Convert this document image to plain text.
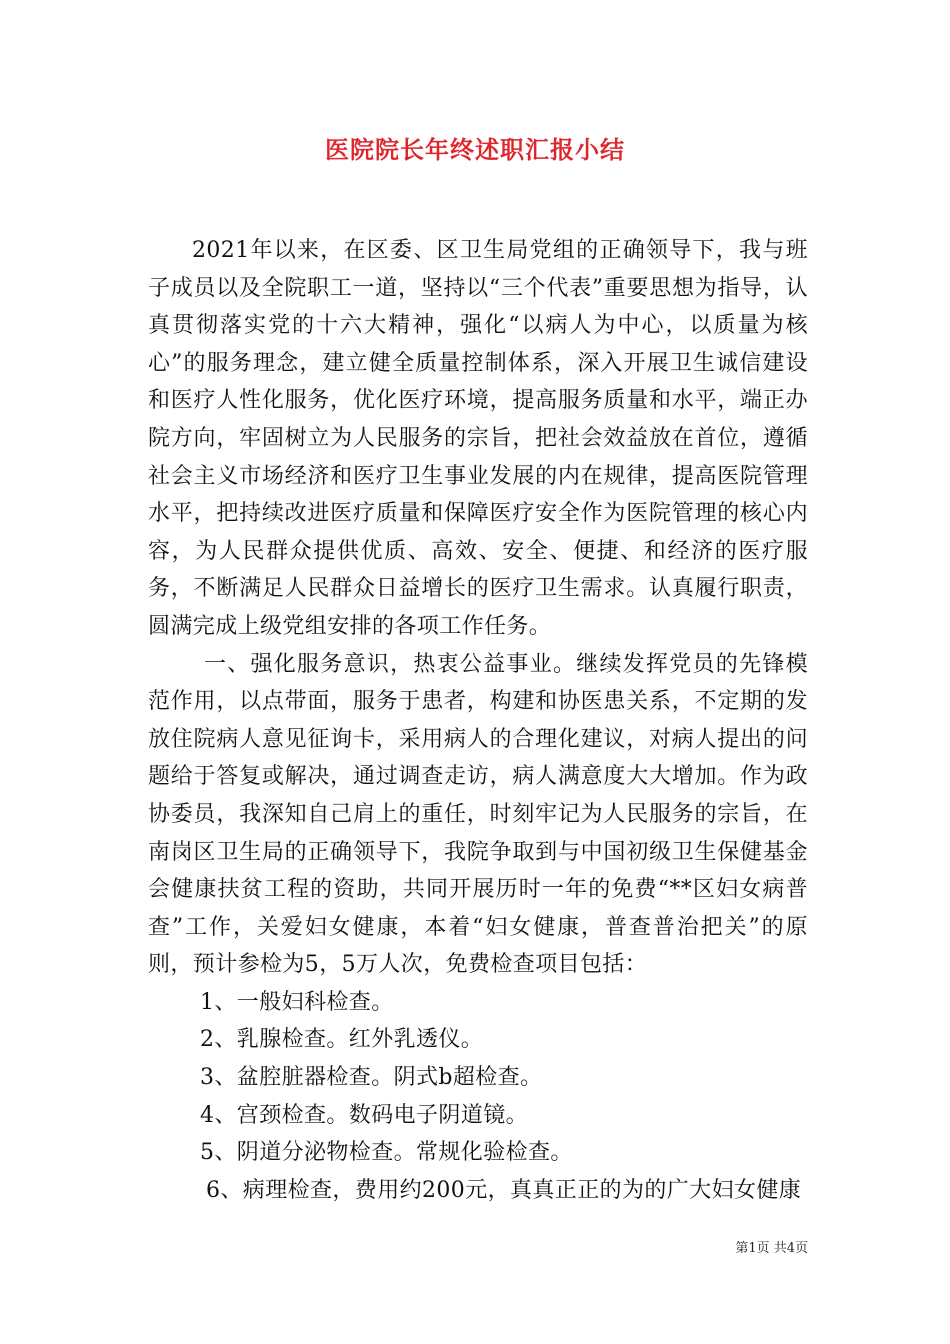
医院院长年终述职汇报小结

2021年以来，在区委、区卫生局党组的正确领导下，我与班子成员以及全院职工一道，坚持以“三个代表”重要思想为指导，认真贯彻落实党的十六大精神，强化“以病人为中心，以质量为核心”的服务理念，建立健全质量控制体系，深入开展卫生诚信建设和医疗人性化服务，优化医疗环境，提高服务质量和水平，端正办院方向，牢固树立为人民服务的宗旨，把社会效益放在首位，遵循社会主义市场经济和医疗卫生事业发展的内在规律，提高医院管理水平，把持续改进医疗质量和保障医疗安全作为医院管理的核心内容，为人民群众提供优质、高效、安全、便捷、和经济的医疗服务，不断满足人民群众日益增长的医疗卫生需求。认真履行职责，圆满完成上级党组安排的各项工作任务。

一、强化服务意识，热衷公益事业。继续发挥党员的先锋模范作用，以点带面，服务于患者，构建和协医患关系，不定期的发放住院病人意见征询卡，采用病人的合理化建议，对病人提出的问题给于答复或解决，通过调查走访，病人满意度大大增加。作为政协委员，我深知自己肩上的重任，时刻牢记为人民服务的宗旨，在南岗区卫生局的正确领导下，我院争取到与中国初级卫生保健基金会健康扶贫工程的资助，共同开展历时一年的免费“**区妇女病普查”工作，关爱妇女健康，本着“妇女健康，普查普治把关”的原则，预计参检为5，5万人次，免费检查项目包括：

1、一般妇科检查。

2、乳腺检查。红外乳透仪。

3、盆腔脏器检查。阴式b超检查。

4、宫颈检查。数码电子阴道镜。

5、阴道分泌物检查。常规化验检查。

6、病理检查，费用约200元，真真正正的为的广大妇女健康

第1页 共4页
